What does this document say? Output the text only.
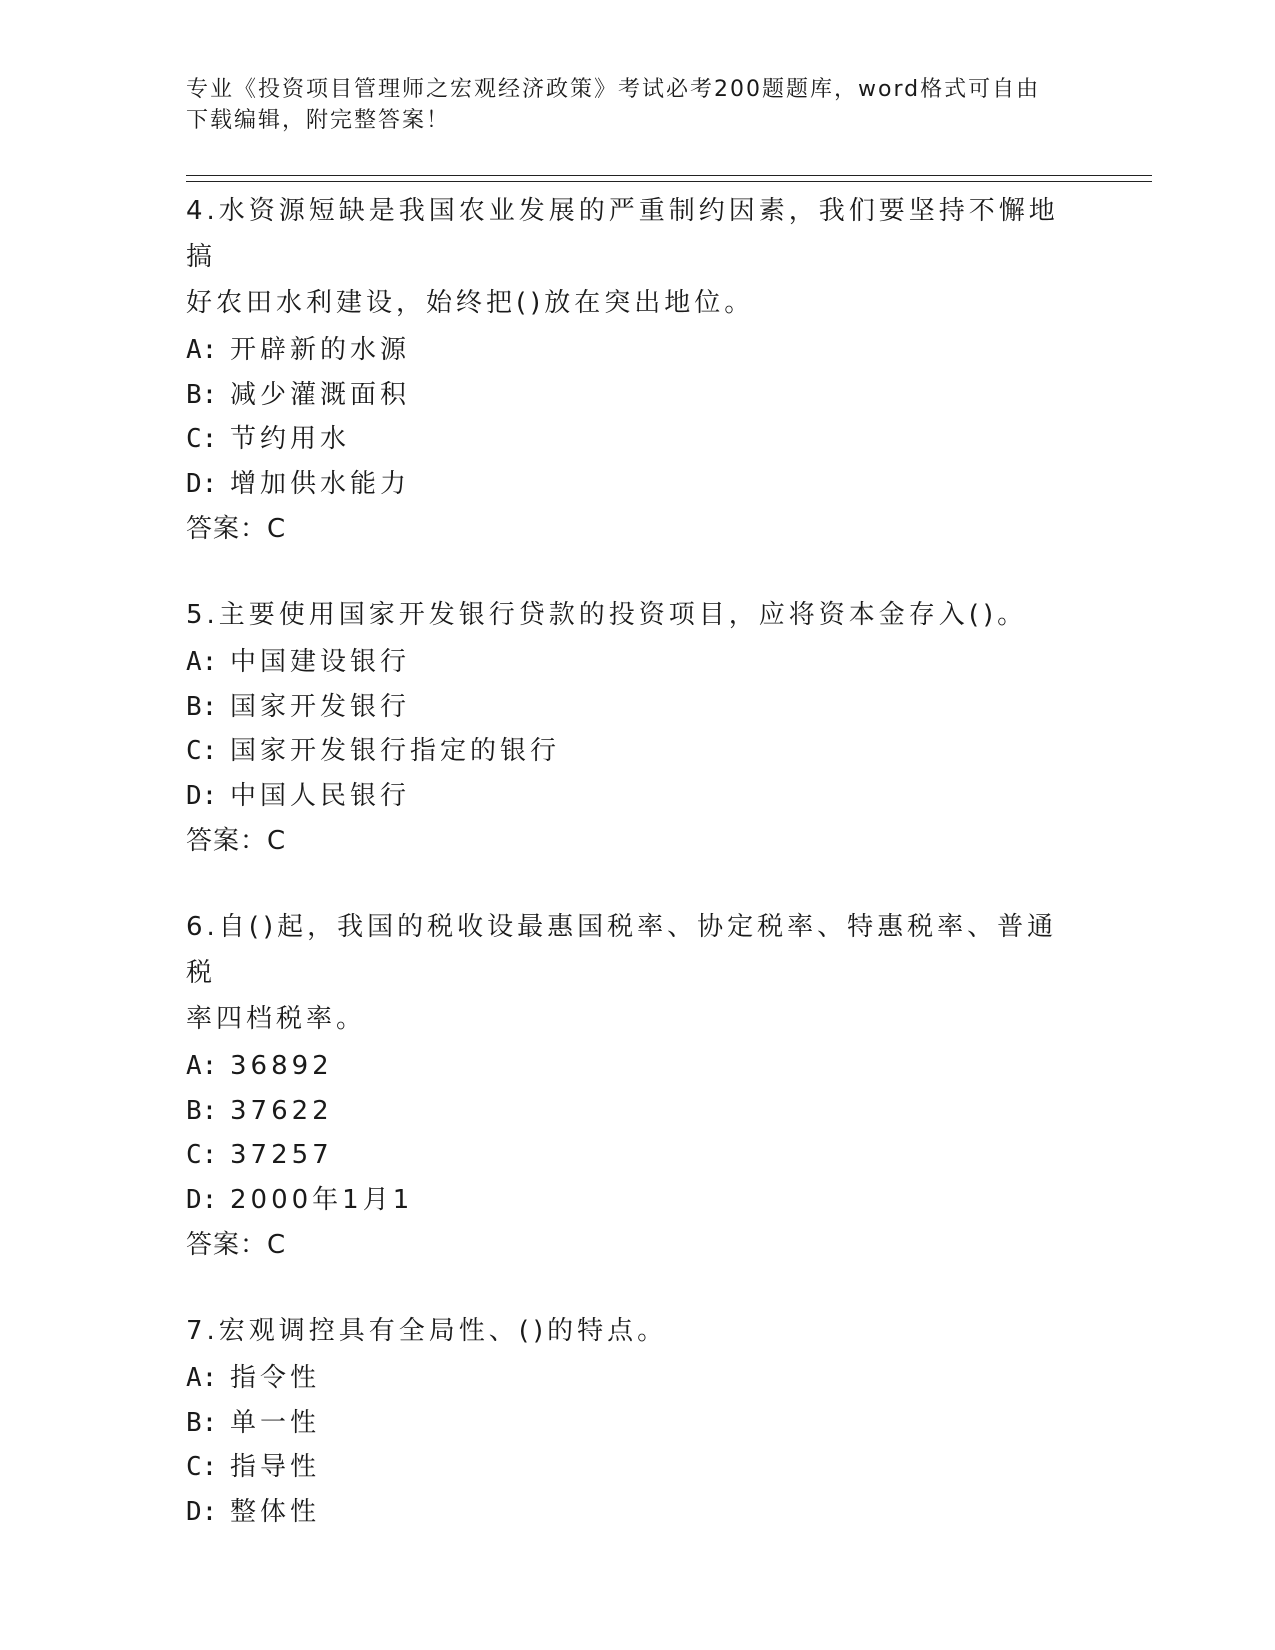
专业《投资项目管理师之宏观经济政策》考试必考200题题库，word格式可自由
下载编辑，附完整答案！
4.水资源短缺是我国农业发展的严重制约因素，我们要坚持不懈地搞
好农田水利建设，始终把()放在突出地位。
A: 开辟新的水源
B: 减少灌溉面积
C: 节约用水
D: 增加供水能力
答案：C
5.主要使用国家开发银行贷款的投资项目，应将资本金存入()。
A: 中国建设银行
B: 国家开发银行
C: 国家开发银行指定的银行
D: 中国人民银行
答案：C
6.自()起，我国的税收设最惠国税率、协定税率、特惠税率、普通税
率四档税率。
A: 36892
B: 37622
C: 37257
D: 2000年1月1
答案：C
7.宏观调控具有全局性、()的特点。
A: 指令性
B: 单一性
C: 指导性
D: 整体性
